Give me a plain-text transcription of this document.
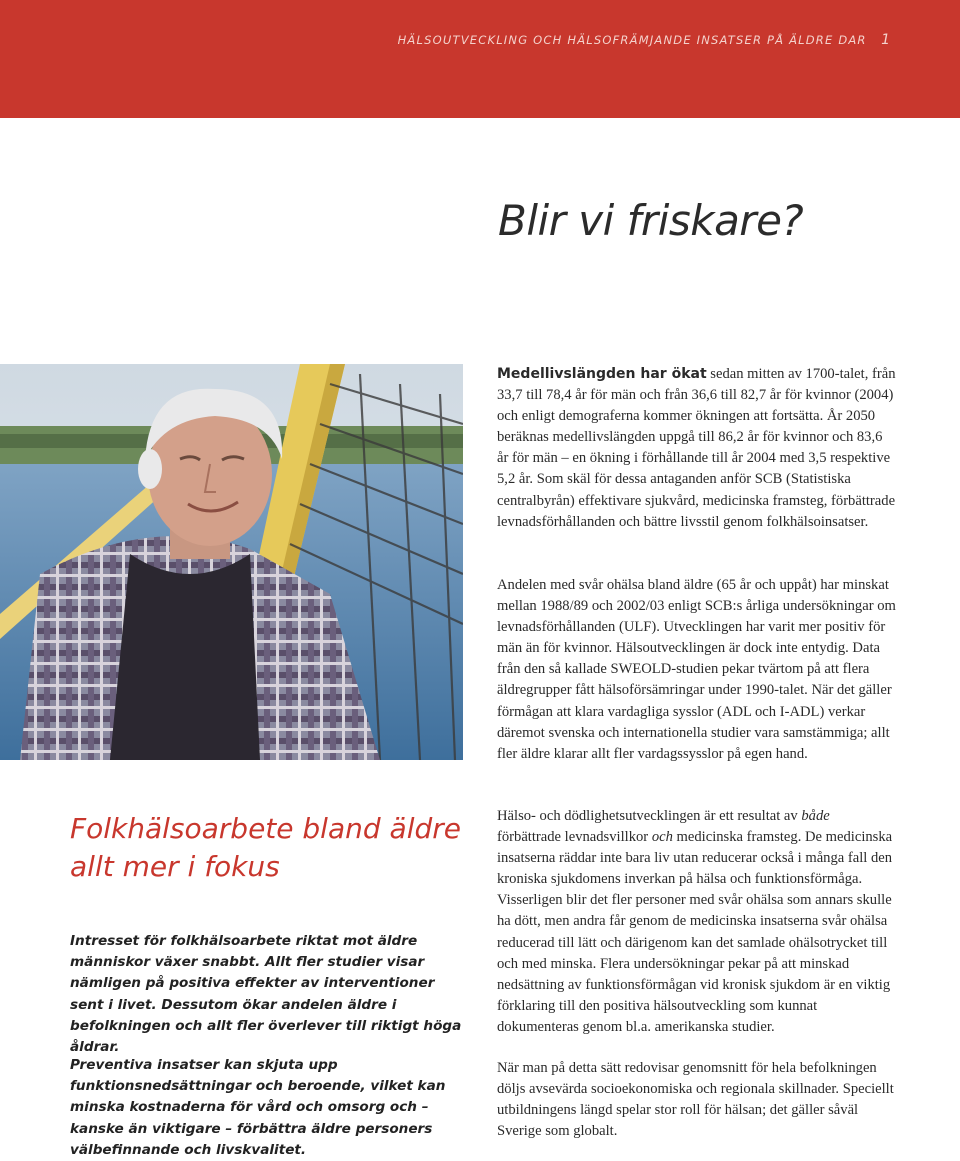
HÄLSOUTVECKLING OCH HÄLSOFRÄMJANDE INSATSER PÅ ÄLDRE DAR 1
Blir vi friskare?

Medellivslängden har ökat sedan mitten av 1700-talet, från 33,7 till 78,4 år för män och från 36,6 till 82,7 år för kvinnor (2004) och enligt demograferna kommer ökningen att fortsätta. År 2050 beräknas medellivslängden uppgå till 86,2 år för kvinnor och 83,6 år för män – en ökning i förhållande till år 2004 med 3,5 respektive 5,2 år. Som skäl för dessa antaganden anför SCB (Statistiska centralbyrån) effektivare sjukvård, medicinska framsteg, förbättrade levnadsförhållanden och bättre livsstil genom folkhälsoinsatser.

Andelen med svår ohälsa bland äldre (65 år och uppåt) har minskat mellan 1988/89 och 2002/03 enligt SCB:s årliga undersökningar om levnadsförhållanden (ULF). Utvecklingen har varit mer positiv för män än för kvinnor. Hälsoutvecklingen är dock inte entydig. Data från den så kallade SWEOLD-studien pekar tvärtom på att flera äldregrupper fått hälsoförsämringar under 1990-talet. När det gäller förmågan att klara vardagliga sysslor (ADL och I-ADL) verkar däremot svenska och internationella studier vara samstämmiga; allt fler äldre klarar allt fler vardagssysslor på egen hand.

Hälso- och dödlighetsutvecklingen är ett resultat av både förbättrade levnadsvillkor och medicinska framsteg. De medicinska insatserna räddar inte bara liv utan reducerar också i många fall den kroniska sjukdomens inverkan på hälsa och funktionsförmåga. Visserligen blir det fler personer med svår ohälsa som annars skulle ha dött, men andra får genom de medicinska insatserna svår ohälsa reducerad till lätt och därigenom kan det samlade ohälsotrycket till och med minska. Flera undersökningar pekar på att minskad nedsättning av funktionsförmågan vid kronisk sjukdom är en viktig förklaring till den positiva hälsoutveckling som kunnat dokumenteras genom bl.a. amerikanska studier.

När man på detta sätt redovisar genomsnitt för hela befolkningen döljs avsevärda socioekonomiska och regionala skillnader. Speciellt utbildningens längd spelar stor roll för hälsan; det gäller såväl Sverige som globalt.

Folkhälsoarbete bland äldre
allt mer i fokus

Intresset för folkhälsoarbete riktat mot äldre människor växer snabbt. Allt fler studier visar nämligen på positiva effekter av interventioner sent i livet. Dessutom ökar andelen äldre i befolkningen och allt fler överlever till riktigt höga åldrar.

Preventiva insatser kan skjuta upp funktionsnedsättningar och beroende, vilket kan minska kostnaderna för vård och omsorg och – kanske än viktigare – förbättra äldre personers välbefinnande och livskvalitet.
